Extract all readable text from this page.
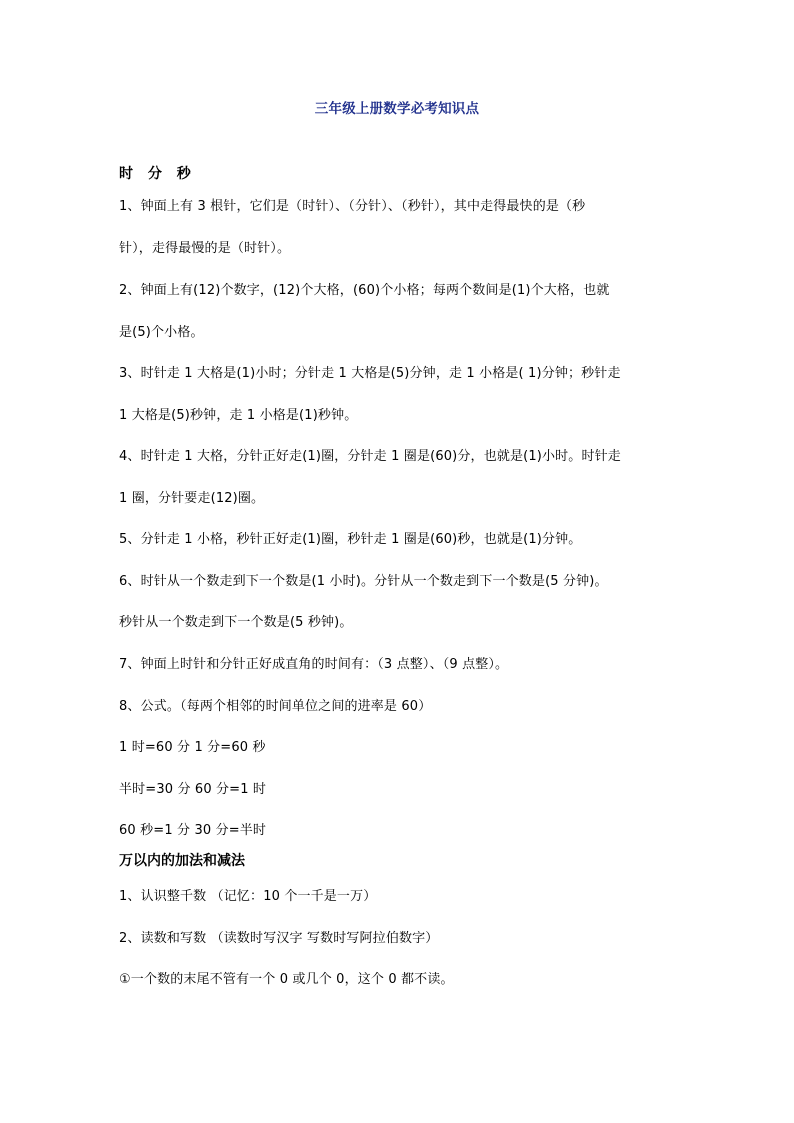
三年级上册数学必考知识点
时 分 秒
1、钟面上有 3 根针，它们是（时针）、（分针）、（秒针），其中走得最快的是（秒
针），走得最慢的是（时针）。
2、钟面上有(12)个数字，(12)个大格，(60)个小格；每两个数间是(1)个大格，也就
是(5)个小格。
3、时针走 1 大格是(1)小时；分针走 1 大格是(5)分钟，走 1 小格是( 1)分钟；秒针走
1 大格是(5)秒钟，走 1 小格是(1)秒钟。
4、时针走 1 大格，分针正好走(1)圈，分针走 1 圈是(60)分，也就是(1)小时。时针走
1 圈，分针要走(12)圈。
5、分针走 1 小格，秒针正好走(1)圈，秒针走 1 圈是(60)秒，也就是(1)分钟。
6、时针从一个数走到下一个数是(1 小时)。分针从一个数走到下一个数是(5 分钟)。
秒针从一个数走到下一个数是(5 秒钟)。
7、钟面上时针和分针正好成直角的时间有：（3 点整）、（9 点整）。
8、公式。（每两个相邻的时间单位之间的进率是 60）
1 时=60 分 1 分=60 秒
半时=30 分 60 分=1 时
60 秒=1 分 30 分=半时
万以内的加法和减法
1、认识整千数 （记忆：10 个一千是一万）
2、读数和写数 （读数时写汉字 写数时写阿拉伯数字）
①一个数的末尾不管有一个 0 或几个 0，这个 0 都不读。
